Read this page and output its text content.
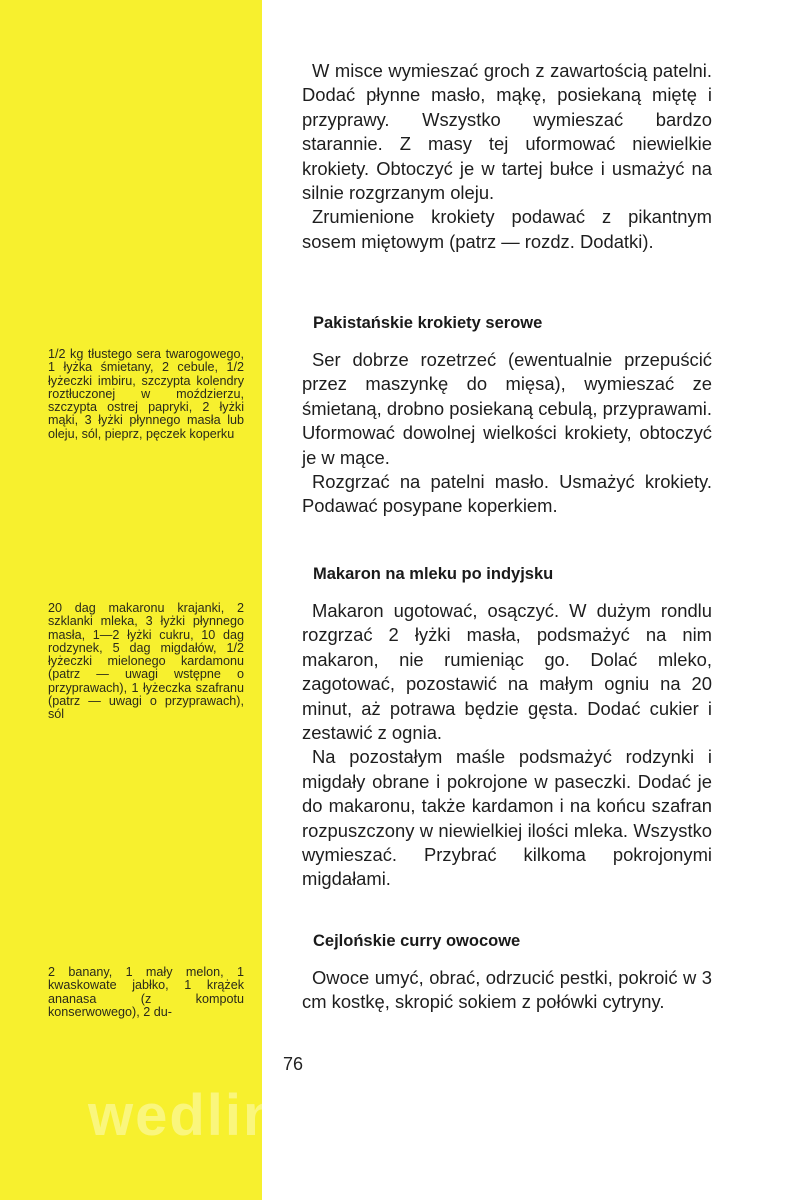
W misce wymieszać groch z zawartością patelni. Dodać płynne masło, mąkę, posiekaną miętę i przyprawy. Wszystko wymieszać bardzo starannie. Z masy tej uformować niewielkie krokiety. Obtoczyć je w tartej bułce i usmażyć na silnie rozgrzanym oleju.

Zrumienione krokiety podawać z pikantnym sosem miętowym (patrz — rozdz. Dodatki).

Pakistańskie krokiety serowe

1/2 kg tłustego sera twarogowego, 1 łyżka śmietany, 2 cebule, 1/2 łyżeczki imbiru, szczypta kolendry roztłuczonej w moździerzu, szczypta ostrej papryki, 2 łyżki mąki, 3 łyżki płynnego masła lub oleju, sól, pieprz, pęczek koperku

Ser dobrze rozetrzeć (ewentualnie przepuścić przez maszynkę do mięsa), wymieszać ze śmietaną, drobno posiekaną cebulą, przyprawami. Uformować dowolnej wielkości krokiety, obtoczyć je w mące.

Rozgrzać na patelni masło. Usmażyć krokiety. Podawać posypane koperkiem.

Makaron na mleku po indyjsku

20 dag makaronu krajanki, 2 szklanki mleka, 3 łyżki płynnego masła, 1—2 łyżki cukru, 10 dag rodzynek, 5 dag migdałów, 1/2 łyżeczki mielonego kardamonu (patrz — uwagi wstępne o przyprawach), 1 łyżeczka szafranu (patrz — uwagi o przyprawach), sól

Makaron ugotować, osączyć. W dużym rondlu rozgrzać 2 łyżki masła, podsmażyć na nim makaron, nie rumieniąc go. Dolać mleko, zagotować, pozostawić na małym ogniu na 20 minut, aż potrawa będzie gęsta. Dodać cukier i zestawić z ognia.

Na pozostałym maśle podsmażyć rodzynki i migdały obrane i pokrojone w paseczki. Dodać je do makaronu, także kardamon i na końcu szafran rozpuszczony w niewielkiej ilości mleka. Wszystko wymieszać. Przybrać kilkoma pokrojonymi migdałami.

Cejlońskie curry owocowe

2 banany, 1 mały melon, 1 kwaskowate jabłko, 1 krążek ananasa (z kompotu konserwowego), 2 du-

Owoce umyć, obrać, odrzucić pestki, pokroić w 3 cm kostkę, skropić sokiem z połówki cytryny.

76
wedlinydomowe.pl
